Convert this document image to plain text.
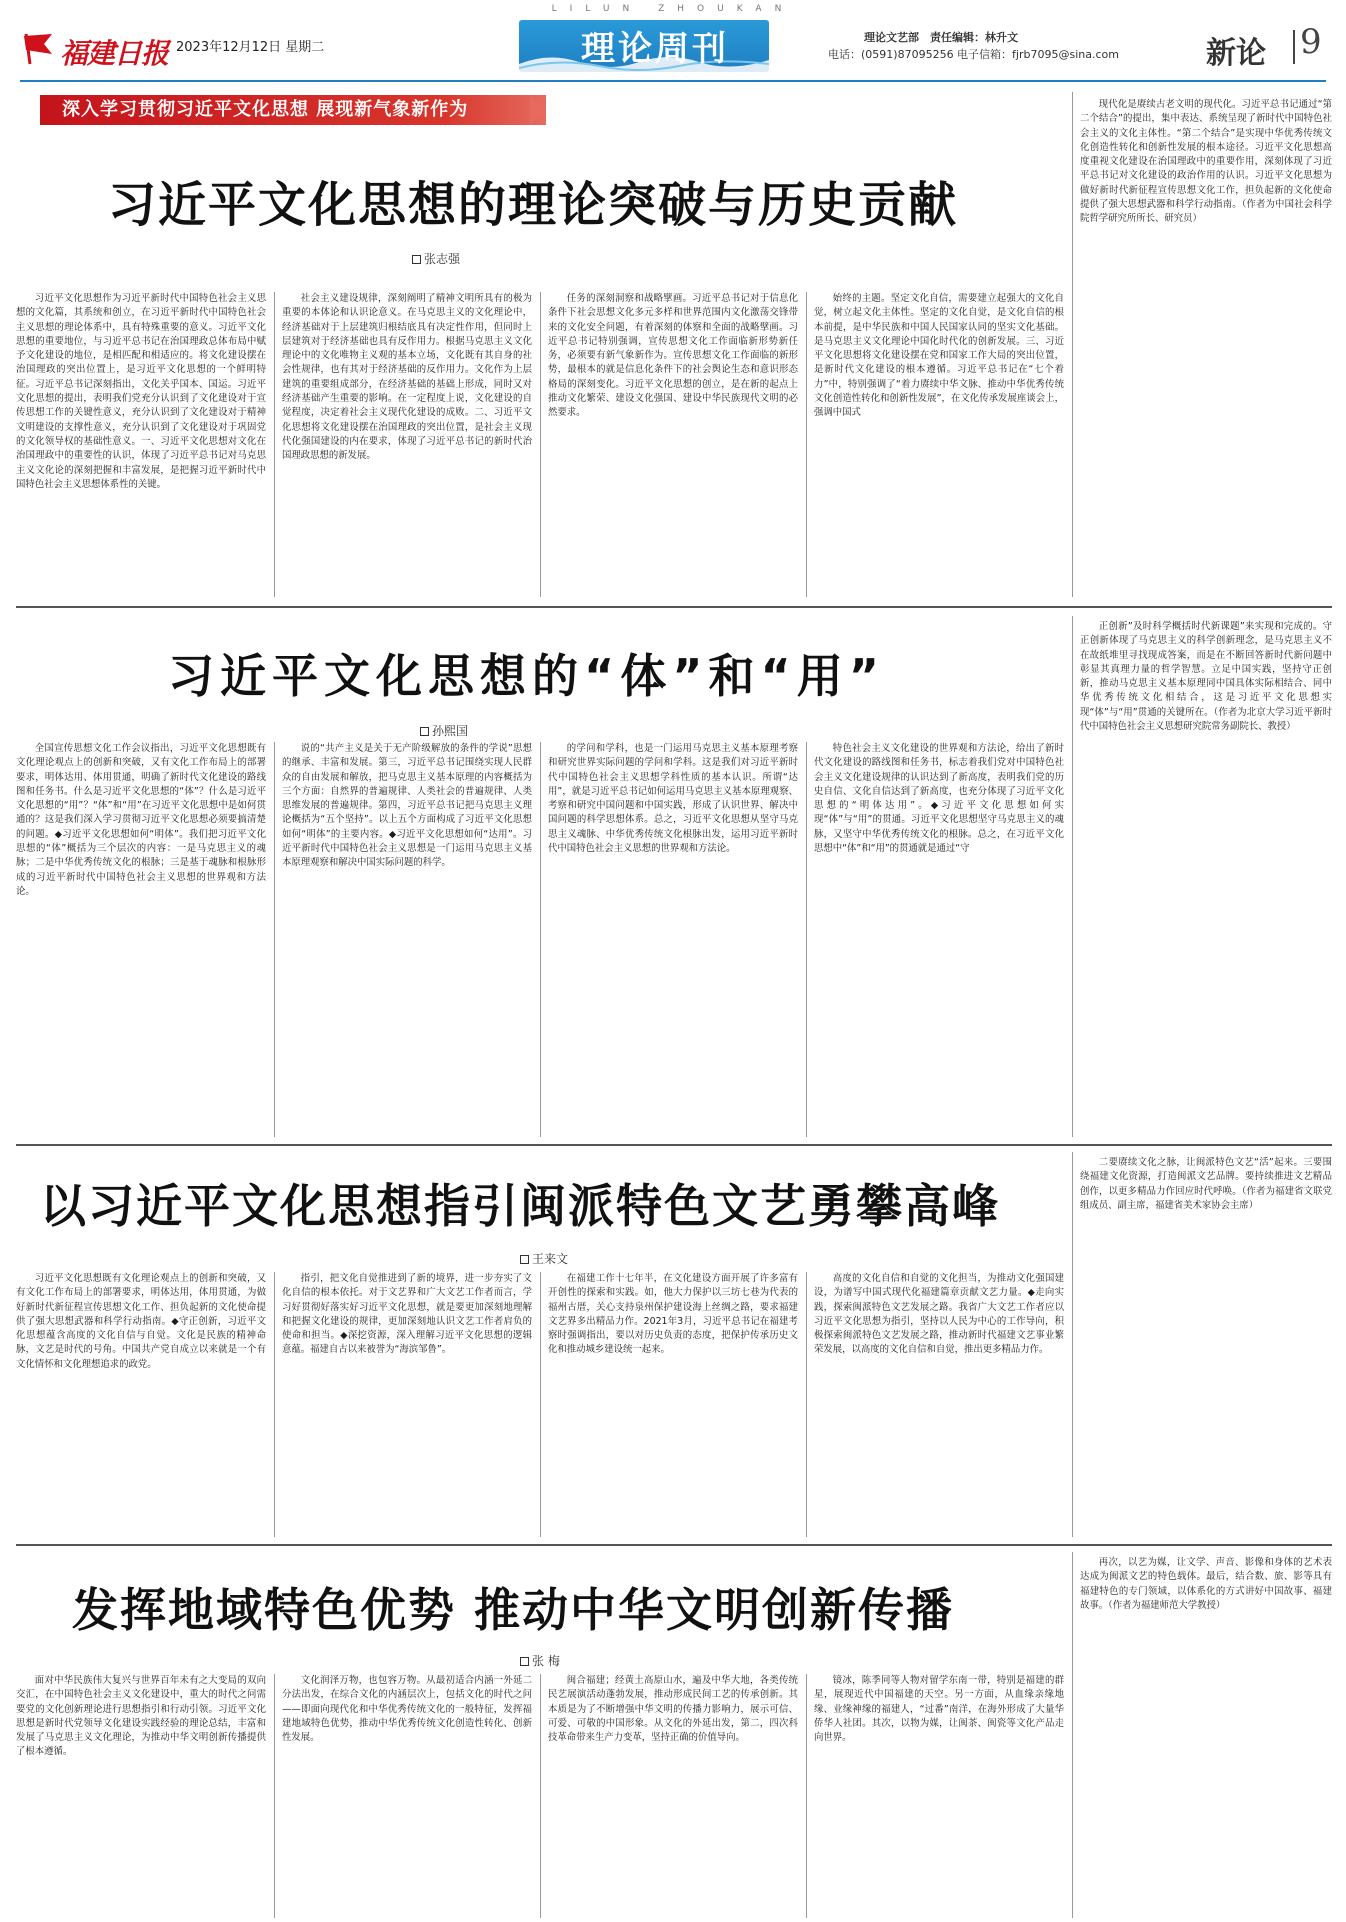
LILUN ZHOUKAN
福建日报 2023年12月12日 星期二	理论周刊	理论文艺部　责任编辑：林升文
电话：(0591)87095256 电子信箱：fjrb7095@sina.com	新论 9
深入学习贯彻习近平文化思想 展现新气象新作为
习近平文化思想的理论突破与历史贡献
张志强

习近平文化思想作为习近平新时代中国特色社会主义思想的文化篇，其系统和创立，在习近平新时代中国特色社会主义思想的理论体系中，具有特殊重要的意义。习近平文化思想的重要地位，与习近平总书记在治国理政总体布局中赋予文化建设的地位，是相匹配和相适应的。将文化建设摆在治国理政的突出位置上，是习近平文化思想的一个鲜明特征。习近平总书记深刻指出，文化关乎国本、国运。习近平文化思想的提出，表明我们党充分认识到了文化建设对于宣传思想工作的关键性意义，充分认识到了文化建设对于精神文明建设的支撑性意义，充分认识到了文化建设对于巩固党的文化领导权的基础性意义。一、习近平文化思想对文化在治国理政中的重要性的认识，体现了习近平总书记对马克思主义文化论的深刻把握和丰富发展，是把握习近平新时代中国特色社会主义思想体系性的关键。

社会主义建设规律，深刻阐明了精神文明所具有的极为重要的本体论和认识论意义。在马克思主义的文化理论中，经济基础对于上层建筑归根结底具有决定性作用，但同时上层建筑对于经济基础也具有反作用力。根据马克思主义文化理论中的文化唯物主义观的基本立场，文化既有其自身的社会性规律，也有其对于经济基础的反作用力。文化作为上层建筑的重要组成部分，在经济基础的基础上形成，同时又对经济基础产生重要的影响。在一定程度上说，文化建设的自觉程度，决定着社会主义现代化建设的成败。二、习近平文化思想将文化建设摆在治国理政的突出位置，是社会主义现代化强国建设的内在要求，体现了习近平总书记的新时代治国理政思想的新发展。

任务的深刻洞察和战略擘画。习近平总书记对于信息化条件下社会思想文化多元多样和世界范围内文化激荡交锋带来的文化安全问题，有着深刻的体察和全面的战略擘画。习近平总书记特别强调，宣传思想文化工作面临新形势新任务，必须要有新气象新作为。宣传思想文化工作面临的新形势，最根本的就是信息化条件下的社会舆论生态和意识形态格局的深刻变化。习近平文化思想的创立，是在新的起点上推动文化繁荣、建设文化强国、建设中华民族现代文明的必然要求。

始终的主题。坚定文化自信，需要建立起强大的文化自觉，树立起文化主体性。坚定的文化自觉，是文化自信的根本前提，是中华民族和中国人民国家认同的坚实文化基础。是马克思主义文化理论中国化时代化的创新发展。三、习近平文化思想将文化建设摆在党和国家工作大局的突出位置，是新时代文化建设的根本遵循。习近平总书记在“七个着力”中，特别强调了“着力赓续中华文脉、推动中华优秀传统文化创造性转化和创新性发展”，在文化传承发展座谈会上，强调中国式

现代化是赓续古老文明的现代化。习近平总书记通过“第二个结合”的提出，集中表达、系统呈现了新时代中国特色社会主义的文化主体性。“第二个结合”是实现中华优秀传统文化创造性转化和创新性发展的根本途径。习近平文化思想高度重视文化建设在治国理政中的重要作用，深刻体现了习近平总书记对文化建设的政治作用的认识。习近平文化思想为做好新时代新征程宣传思想文化工作，担负起新的文化使命提供了强大思想武器和科学行动指南。（作者为中国社会科学院哲学研究所所长、研究员）

习近平文化思想的“体”和“用”
孙熙国

全国宣传思想文化工作会议指出，习近平文化思想既有文化理论观点上的创新和突破，又有文化工作布局上的部署要求，明体达用、体用贯通，明确了新时代文化建设的路线图和任务书。什么是习近平文化思想的“体”？什么是习近平文化思想的“用”？“体”和“用”在习近平文化思想中是如何贯通的？这是我们深入学习贯彻习近平文化思想必须要搞清楚的问题。◆习近平文化思想如何“明体”。我们把习近平文化思想的“体”概括为三个层次的内容：一是马克思主义的魂脉；二是中华优秀传统文化的根脉；三是基于魂脉和根脉形成的习近平新时代中国特色社会主义思想的世界观和方法论。

说的“共产主义是关于无产阶级解放的条件的学说”思想的继承、丰富和发展。第三，习近平总书记围绕实现人民群众的自由发展和解放，把马克思主义基本原理的内容概括为三个方面：自然界的普遍规律、人类社会的普遍规律、人类思维发展的普遍规律。第四，习近平总书记把马克思主义理论概括为“五个坚持”。以上五个方面构成了习近平文化思想如何“明体”的主要内容。◆习近平文化思想如何“达用”。习近平新时代中国特色社会主义思想是一门运用马克思主义基本原理观察和解决中国实际问题的科学。

的学问和学科，也是一门运用马克思主义基本原理考察和研究世界实际问题的学问和学科。这是我们对习近平新时代中国特色社会主义思想学科性质的基本认识。所谓“达用”，就是习近平总书记如何运用马克思主义基本原理观察、考察和研究中国问题和中国实践，形成了认识世界、解决中国问题的科学思想体系。总之，习近平文化思想从坚守马克思主义魂脉、中华优秀传统文化根脉出发，运用习近平新时代中国特色社会主义思想的世界观和方法论。

特色社会主义文化建设的世界观和方法论，给出了新时代文化建设的路线图和任务书，标志着我们党对中国特色社会主义文化建设规律的认识达到了新高度，表明我们党的历史自信、文化自信达到了新高度，也充分体现了习近平文化思想的“明体达用”。◆习近平文化思想如何实现“体”与“用”的贯通。习近平文化思想坚守马克思主义的魂脉，又坚守中华优秀传统文化的根脉。总之，在习近平文化思想中“体”和“用”的贯通就是通过“守

正创新”及时科学概括时代新课题”来实现和完成的。守正创新体现了马克思主义的科学创新理念，是马克思主义不在故纸堆里寻找现成答案，而是在不断回答新时代新问题中彰显其真理力量的哲学智慧。立足中国实践，坚持守正创新，推动马克思主义基本原理同中国具体实际相结合、同中华优秀传统文化相结合，这是习近平文化思想实现“体”与“用”贯通的关键所在。（作者为北京大学习近平新时代中国特色社会主义思想研究院常务副院长、教授）

以习近平文化思想指引闽派特色文艺勇攀高峰
王来文

习近平文化思想既有文化理论观点上的创新和突破，又有文化工作布局上的部署要求，明体达用，体用贯通，为做好新时代新征程宣传思想文化工作、担负起新的文化使命提供了强大思想武器和科学行动指南。◆守正创新，习近平文化思想蕴含高度的文化自信与自觉。文化是民族的精神命脉，文艺是时代的号角。中国共产党自成立以来就是一个有文化情怀和文化理想追求的政党。

指引，把文化自觉推进到了新的境界，进一步夯实了文化自信的根本依托。对于文艺界和广大文艺工作者而言，学习好贯彻好落实好习近平文化思想，就是要更加深刻地理解和把握文化建设的规律，更加深刻地认识文艺工作者肩负的使命和担当。◆深挖资源，深入理解习近平文化思想的逻辑意蕴。福建自古以来被誉为“海滨邹鲁”。

在福建工作十七年半，在文化建设方面开展了许多富有开创性的探索和实践。如，他大力保护以三坊七巷为代表的福州古厝，关心支持泉州保护建设海上丝绸之路，要求福建文艺界多出精品力作。2021年3月，习近平总书记在福建考察时强调指出，要以对历史负责的态度，把保护传承历史文化和推动城乡建设统一起来。

高度的文化自信和自觉的文化担当，为推动文化强国建设，为谱写中国式现代化福建篇章贡献文艺力量。◆走向实践，探索闽派特色文艺发展之路。我省广大文艺工作者应以习近平文化思想为指引，坚持以人民为中心的工作导向，积极探索闽派特色文艺发展之路，推动新时代福建文艺事业繁荣发展，以高度的文化自信和自觉，推出更多精品力作。

二要赓续文化之脉，让闽派特色文艺“活”起来。三要围绕福建文化资源，打造闽派文艺品牌。要持续推进文艺精品创作，以更多精品力作回应时代呼唤。（作者为福建省文联党组成员、副主席，福建省美术家协会主席）

发挥地域特色优势 推动中华文明创新传播
张 梅

面对中华民族伟大复兴与世界百年未有之大变局的双向交汇，在中国特色社会主义文化建设中，重大的时代之问需要党的文化创新理论进行思想指引和行动引领。习近平文化思想是新时代党领导文化建设实践经验的理论总结，丰富和发展了马克思主义文化理论，为推动中华文明创新传播提供了根本遵循。

文化润泽万物，也包容万物。从最初适合内涵一外延二分法出发，在综合文化的内涵层次上，包括文化的时代之问——即面向现代化和中华优秀传统文化的一般特征，发挥福建地域特色优势，推动中华优秀传统文化创造性转化、创新性发展。

闽合福建；经黄土高原山水，遍及中华大地，各类传统民艺展演活动蓬勃发展，推动形成民间工艺的传承创新。其本质是为了不断增强中华文明的传播力影响力，展示可信、可爱、可敬的中国形象。从文化的外延出发，第二，四次科技革命带来生产力变革，坚持正确的价值导向。

镜冰，陈季同等人物对留学东南一带，特别是福建的群星，展现近代中国福建的天空。另一方面，从血缘亲缘地缘、业缘神缘的福建人，“过番”南洋，在海外形成了大量华侨华人社团。其次，以物为媒，让闽茶、闽瓷等文化产品走向世界。

再次，以艺为媒，让文学、声音、影像和身体的艺术表达成为闽派文艺的特色载体。最后，结合数、旅、影等具有福建特色的专门领域，以体系化的方式讲好中国故事、福建故事。（作者为福建师范大学教授）
